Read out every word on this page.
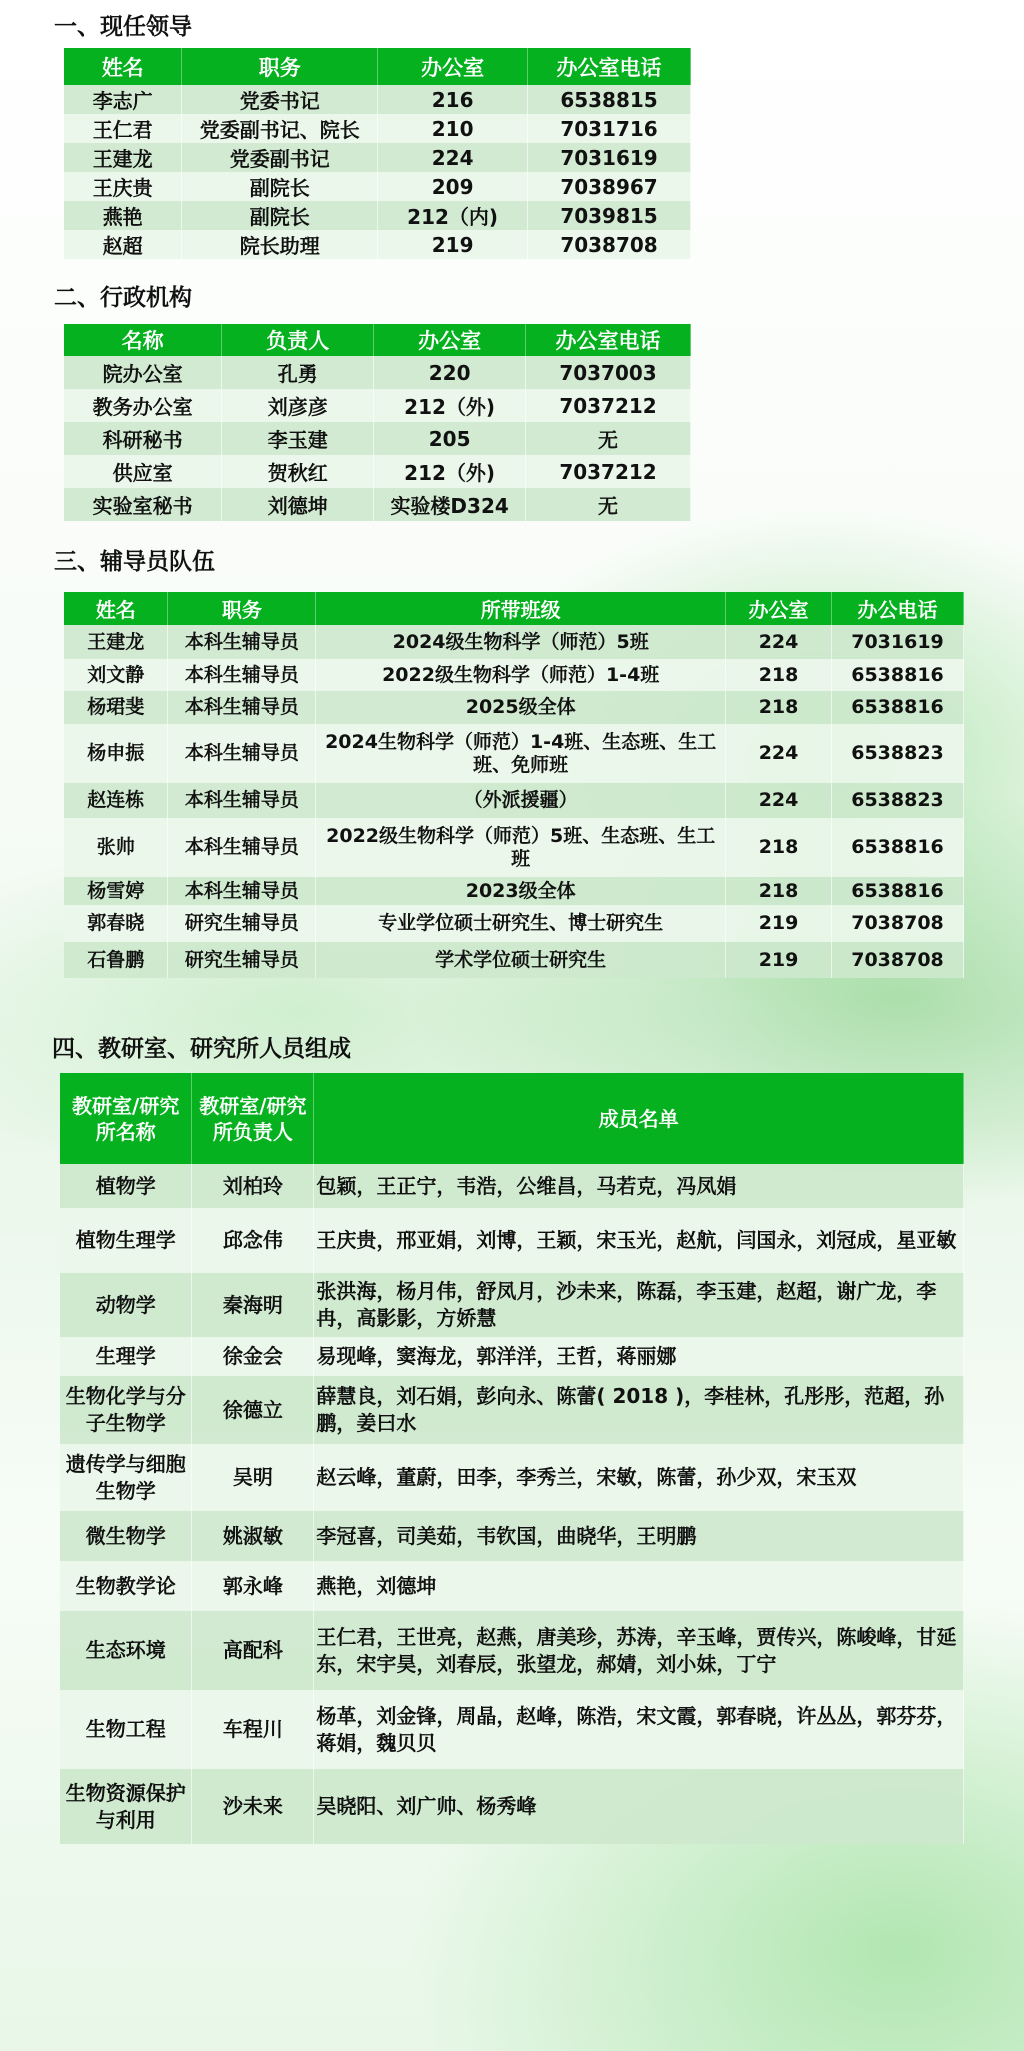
一、现任领导
姓名	职务	办公室	办公室电话
李志广	党委书记	216	6538815
王仁君	党委副书记、院长	210	7031716
王建龙	党委副书记	224	7031619
王庆贵	副院长	209	7038967
燕艳	副院长	212（内)	7039815
赵超	院长助理	219	7038708
二、行政机构
名称	负责人	办公室	办公室电话
院办公室	孔勇	220	7037003
教务办公室	刘彦彦	212（外)	7037212
科研秘书	李玉建	205	无
供应室	贺秋红	212（外)	7037212
实验室秘书	刘德坤	实验楼D324	无
三、辅导员队伍
姓名	职务	所带班级	办公室	办公电话
王建龙	本科生辅导员	2024级生物科学（师范）5班	224	7031619
刘文静	本科生辅导员	2022级生物科学（师范）1-4班	218	6538816
杨珺斐	本科生辅导员	2025级全体	218	6538816
杨申振	本科生辅导员	2024生物科学（师范）1-4班、生态班、生工班、免师班	224	6538823
赵连栋	本科生辅导员	（外派援疆）	224	6538823
张帅	本科生辅导员	2022级生物科学（师范）5班、生态班、生工班	218	6538816
杨雪婷	本科生辅导员	2023级全体	218	6538816
郭春晓	研究生辅导员	专业学位硕士研究生、博士研究生	219	7038708
石鲁鹏	研究生辅导员	学术学位硕士研究生	219	7038708
四、教研室、研究所人员组成
教研室/研究所名称	教研室/研究所负责人	成员名单
植物学	刘柏玲	包颖，王正宁，韦浩，公维昌，马若克，冯凤娟
植物生理学	邱念伟	王庆贵，邢亚娟，刘博，王颖，宋玉光，赵航，闫国永，刘冠成，星亚敏
动物学	秦海明	张洪海，杨月伟，舒凤月，沙未来，陈磊，李玉建，赵超，谢广龙，李冉，高影影，方娇慧
生理学	徐金会	易现峰，窦海龙，郭洋洋，王哲，蒋丽娜
生物化学与分子生物学	徐德立	薛慧良，刘石娟，彭向永、陈蕾( 2018 )，李桂林，孔彤彤，范超，孙鹏，姜曰水
遗传学与细胞生物学	吴明	赵云峰，董蔚，田李，李秀兰，宋敏，陈蕾，孙少双，宋玉双
微生物学	姚淑敏	李冠喜，司美茹，韦钦国，曲晓华，王明鹏
生物教学论	郭永峰	燕艳，刘德坤
生态环境	高配科	王仁君，王世亮，赵燕，唐美珍，苏涛，辛玉峰，贾传兴，陈峻峰，甘延东，宋宇昊，刘春辰，张望龙，郝婧，刘小妹，丁宁
生物工程	车程川	杨革，刘金锋，周晶，赵峰，陈浩，宋文霞，郭春晓，许丛丛，郭芬芬，蒋娟，魏贝贝
生物资源保护与利用	沙未来	吴晓阳、刘广帅、杨秀峰
